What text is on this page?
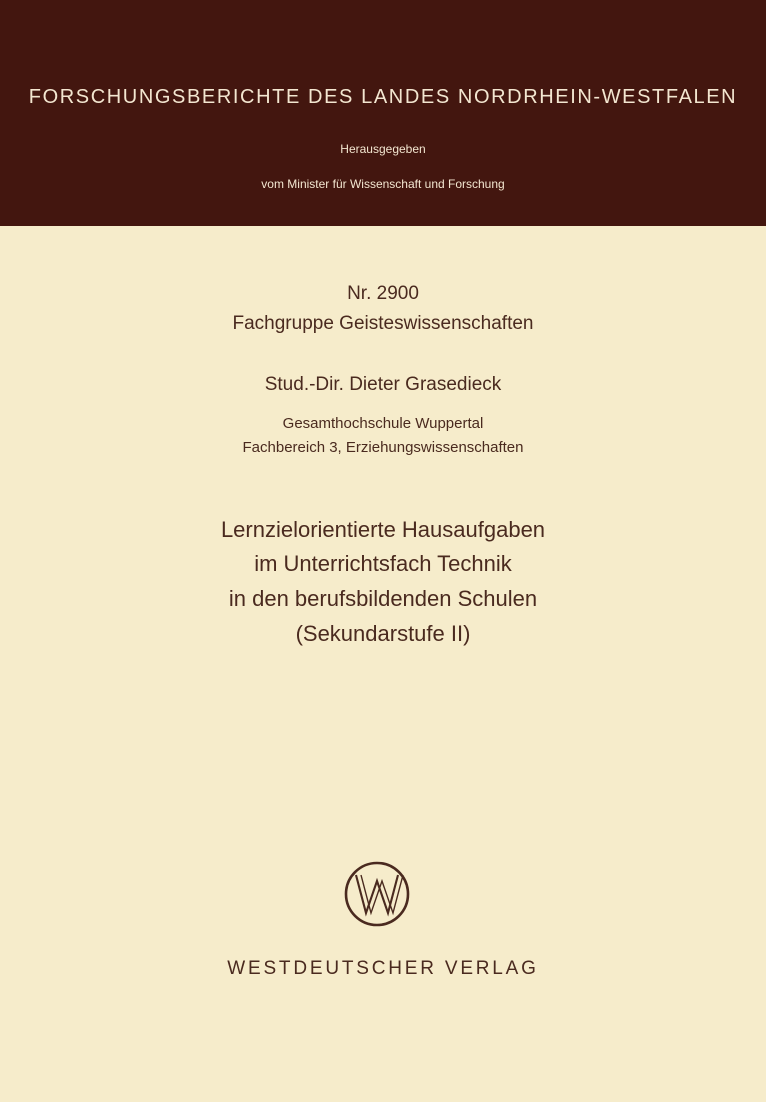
FORSCHUNGSBERICHTE DES LANDES NORDRHEIN-WESTFALEN
Herausgegeben
vom Minister für Wissenschaft und Forschung
Nr. 2900
Fachgruppe Geisteswissenschaften
Stud.-Dir. Dieter Grasedieck
Gesamthochschule Wuppertal
Fachbereich 3, Erziehungswissenschaften
Lernzielorientierte Hausaufgaben
im Unterrichtsfach Technik
in den berufsbildenden Schulen
(Sekundarstufe II)
WESTDEUTSCHER VERLAG
